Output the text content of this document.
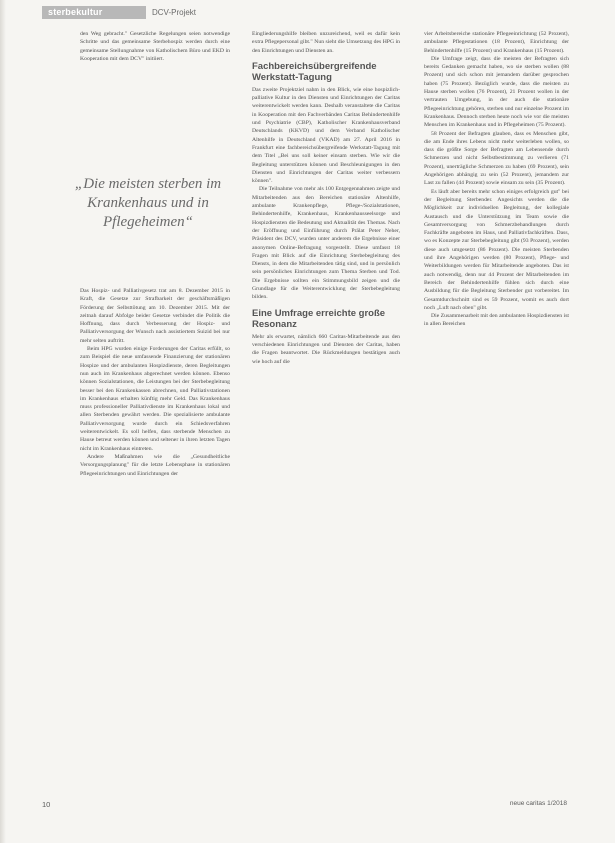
sterbekultur	DCV-Projekt

den Weg gebracht." Gesetzliche Regelungen seien notwendige Schritte und das gemeinsame Sterbehospiz werden durch eine gemeinsame Stellungnahme von Katholischem Büro und EKD in Kooperation mit dem DCV" initiiert.

„Die meisten sterben im Krankenhaus und in Pflegeheimen“

Das Hospiz- und Palliativgesetz trat am 8. Dezember 2015 in Kraft, die Gesetze zur Strafbarkeit der geschäftsmäßigen Förderung der Selbsttötung am 10. Dezember 2015. Mit der zeitnah darauf Abfolge beider Gesetze verbindet die Politik die Hoffnung, dass durch Verbesserung der Hospiz- und Palliativversorgung der Wunsch nach assistiertem Suizid bei nur mehr selten auftritt.

Beim HPG wurden einige Forderungen der Caritas erfüllt, so zum Beispiel die neue umfassende Finanzierung der stationären Hospize und der ambulanten Hospizdienste, deren Begleitungen nun auch im Krankenhaus abgerechnet werden können. Ebenso können Sozialstationen, die Leistungen bei der Sterbebegleitung besser bei den Krankenkassen abrechnen, und Palliativstationen im Krankenhaus erhalten künftig mehr Geld. Das Krankenhaus muss professioneller Palliativdienste im Krankenhaus lokal und allen Sterbenden gewährt werden. Die spezialisierte ambulante Palliativversorgung wurde durch ein Schiedsverfahren weiterentwickelt. Es soll helfen, dass sterbende Menschen zu Hause betreut werden können und seltener in ihren letzten Tagen nicht im Krankenhaus eintreten.

Andere Maßnahmen wie die „Gesundheitliche Versorgungsplanung" für die letzte Lebensphase in stationären Pflegeeinrichtungen und Einrichtungen der

Eingliederungshilfe bleiben unzureichend, weil es dafür kein extra Pflegepersonal gibt." Nun sieht die Umsetzung des HPG in den Einrichtungen und Diensten an.

Fachbereichsübergreifende Werkstatt-Tagung

Das zweite Projektziel nahm in den Blick, wie eine hospizlich-palliative Kultur in den Diensten und Einrichtungen der Caritas weiterentwickelt werden kann. Deshalb veranstaltete die Caritas in Kooperation mit den Fachverbänden Caritas Behindertenhilfe und Psychiatrie (CBP), Katholischer Krankenhausverband Deutschlands (KKVD) und dem Verband Katholischer Altenhilfe in Deutschland (VKAD) am 27. April 2016 in Frankfurt eine fachbereichsübergreifende Werkstatt-Tagung mit dem Titel „Bei uns soll keiner einsam sterben. Wie wir die Begleitung unterstützen können und Beschleunigungen in den Diensten und Einrichtungen der Caritas weiter verbessern können".

Die Teilnahme von mehr als 100 Entgegennahmen zeigte und Mitarbeitenden aus den Bereichen stationäre Altenhilfe, ambulante Krankenpflege, Pflege-/Sozialstationen, Behindertenhilfe, Krankenhaus, Krankenhausseelsorge und Hospizdiensten die Bedeutung und Aktualität des Themas. Nach der Eröffnung und Einführung durch Prälat Peter Neher, Präsident des DCV, wurden unter anderem die Ergebnisse einer anonymen Online-Befragung vorgestellt. Diese umfasst 18 Fragen mit Blick auf die Einrichtung Sterbebegleitung des Diensts, in dem die Mitarbeitenden tätig sind, und in persönlich sein persönliches Einrichtungen zum Thema Sterben und Tod. Die Ergebnisse sollten ein Stimmungsbild zeigen und die Grundlage für die Weiterentwicklung der Sterbebegleitung bilden.

Eine Umfrage erreichte große Resonanz

Mehr als erwartet, nämlich 660 Caritas-Mitarbeitende aus den verschiedenen Einrichtungen und Diensten der Caritas, haben die Fragen beantwortet. Die Rückmeldungen bestätigen auch wie hoch auf die

vier Arbeitsbereiche stationäre Pflegeeinrichtung (52 Prozent), ambulante Pflegestationen (18 Prozent), Einrichtung der Behindertenhilfe (15 Prozent) und Krankenhaus (15 Prozent).

Die Umfrage zeigt, dass die meisten der Befragten sich bereits Gedanken gemacht haben, wo sie sterben wollen (88 Prozent) und sich schon mit jemandem darüber gesprochen haben (75 Prozent). Bezüglich wurde, dass die meisten zu Hause sterben wollen (76 Prozent), 21 Prozent wollen in der vertrauten Umgebung, in der auch die stationäre Pflegeeinrichtung gehören, sterben und nur einzelne Prozent im Krankenhaus. Dennoch sterben heute noch wie vor die meisten Menschen im Krankenhaus und in Pflegeheimen (75 Prozent).

58 Prozent der Befragten glauben, dass es Menschen gibt, die am Ende ihres Lebens nicht mehr weiterleben wollen, so dass die größte Sorge der Befragten am Lebensende durch Schmerzen und nicht Selbstbestimmung zu verlieren (71 Prozent), unerträgliche Schmerzen zu haben (69 Prozent), sein Angehörigen abhängig zu sein (52 Prozent), jemandem zur Last zu fallen (44 Prozent) sowie einsam zu sein (35 Prozent).

Es läuft aber bereits mehr schon einiges erfolgreich gut" bei der Begleitung Sterbender. Angesichts werden die die Möglichkeit zur individuellen Begleitung, der kollegiale Austausch und die Unterstützung im Team sowie die Gesamtversorgung von Schmerzbehandlungen durch Fachkräfte angeboten im Haus, und Palliativfachkräften. Dass, wo es Konzepte zur Sterbebegleitung gibt (93 Prozent), werden diese auch umgesetzt (86 Prozent). Die meisten Sterbenden und ihre Angehörigen werden (80 Prozent), Pflege- und Weiterbildungen werden für Mitarbeitende angeboten. Das ist auch notwendig, denn nur 44 Prozent der Mitarbeitenden im Bereich der Behindertenhilfe fühlen sich durch eine Ausbildung für die Begleitung Sterbender gut vorbereitet. Im Gesamtdurchschnitt sind es 59 Prozent, womit es auch dort noch „Luft nach oben" gibt.

Die Zusammenarbeit mit den ambulanten Hospizdiensten ist in allen Bereichen

10	neue caritas 1/2018
